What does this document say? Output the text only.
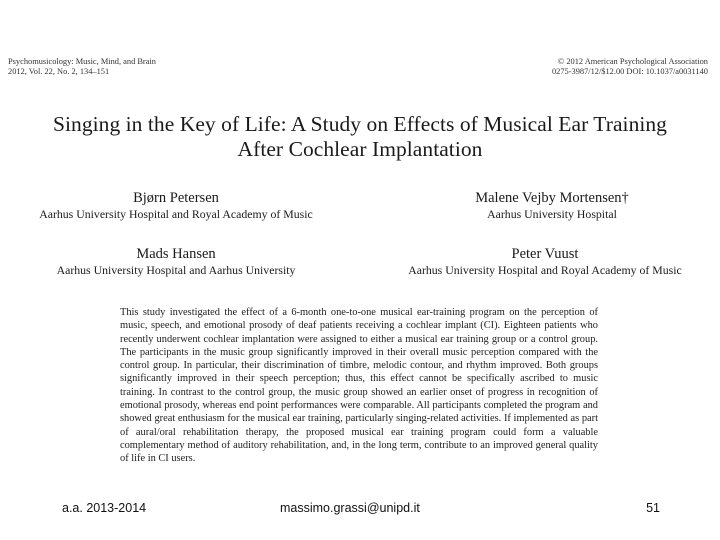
Psychomusicology: Music, Mind, and Brain
2012, Vol. 22, No. 2, 134–151
© 2012 American Psychological Association
0275-3987/12/$12.00 DOI: 10.1037/a0031140
Singing in the Key of Life: A Study on Effects of Musical Ear Training
After Cochlear Implantation
Bjørn Petersen
Aarhus University Hospital and Royal Academy of Music
Malene Vejby Mortensen†
Aarhus University Hospital
Mads Hansen
Aarhus University Hospital and Aarhus University
Peter Vuust
Aarhus University Hospital and Royal Academy of Music
This study investigated the effect of a 6-month one-to-one musical ear-training program on the perception of music, speech, and emotional prosody of deaf patients receiving a cochlear implant (CI). Eighteen patients who recently underwent cochlear implantation were assigned to either a musical ear training group or a control group. The participants in the music group significantly improved in their overall music perception compared with the control group. In particular, their discrimination of timbre, melodic contour, and rhythm improved. Both groups significantly improved in their speech perception; thus, this effect cannot be specifically ascribed to music training. In contrast to the control group, the music group showed an earlier onset of progress in recognition of emotional prosody, whereas end point performances were comparable. All participants completed the program and showed great enthusiasm for the musical ear training, particularly singing-related activities. If implemented as part of aural/oral rehabilitation therapy, the proposed musical ear training program could form a valuable complementary method of auditory rehabilitation, and, in the long term, contribute to an improved general quality of life in CI users.
a.a. 2013-2014	massimo.grassi@unipd.it	51
